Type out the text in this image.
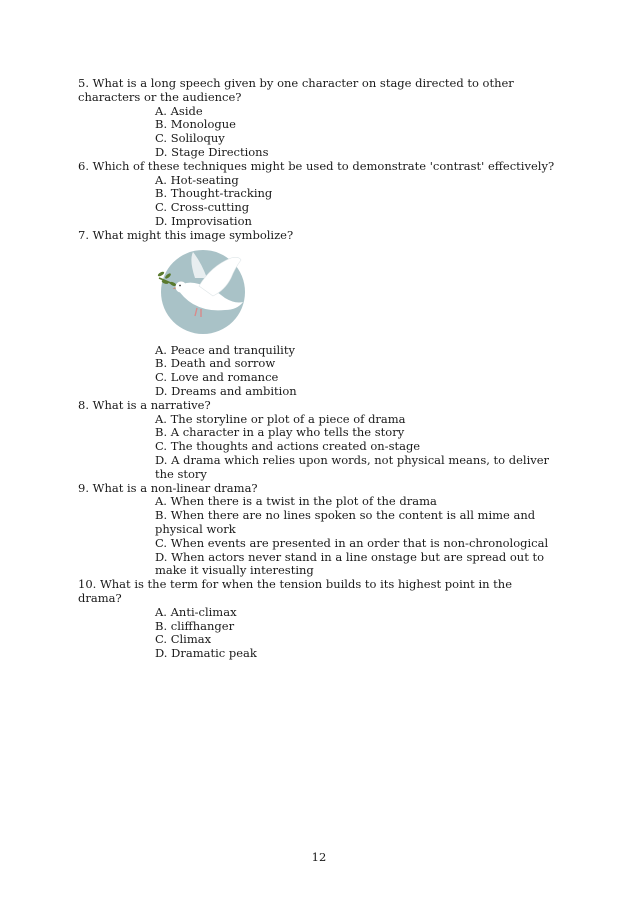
5. What is a long speech given by one character on stage directed to other characters or the audience?

A. Aside

B. Monologue

C. Soliloquy

D. Stage Directions

6. Which of these techniques might be used to demonstrate 'contrast' effectively?

A. Hot-seating

B. Thought-tracking

C. Cross-cutting

D. Improvisation

7. What might this image symbolize?

A. Peace and tranquility

B. Death and sorrow

C. Love and romance

D. Dreams and ambition

8. What is a narrative?

A. The storyline or plot of a piece of drama

B. A character in a play who tells the story

C. The thoughts and actions created on-stage

D. A drama which relies upon words, not physical means, to deliver the story

9. What is a non-linear drama?

A. When there is a twist in the plot of the drama

B. When there are no lines spoken so the content is all mime and physical work

C. When events are presented in an order that is non-chronological

D. When actors never stand in a line onstage but are spread out to make it visually interesting

10. What is the term for when the tension builds to its highest point in the drama?

A. Anti-climax

B. cliffhanger

C. Climax

D. Dramatic peak

12
